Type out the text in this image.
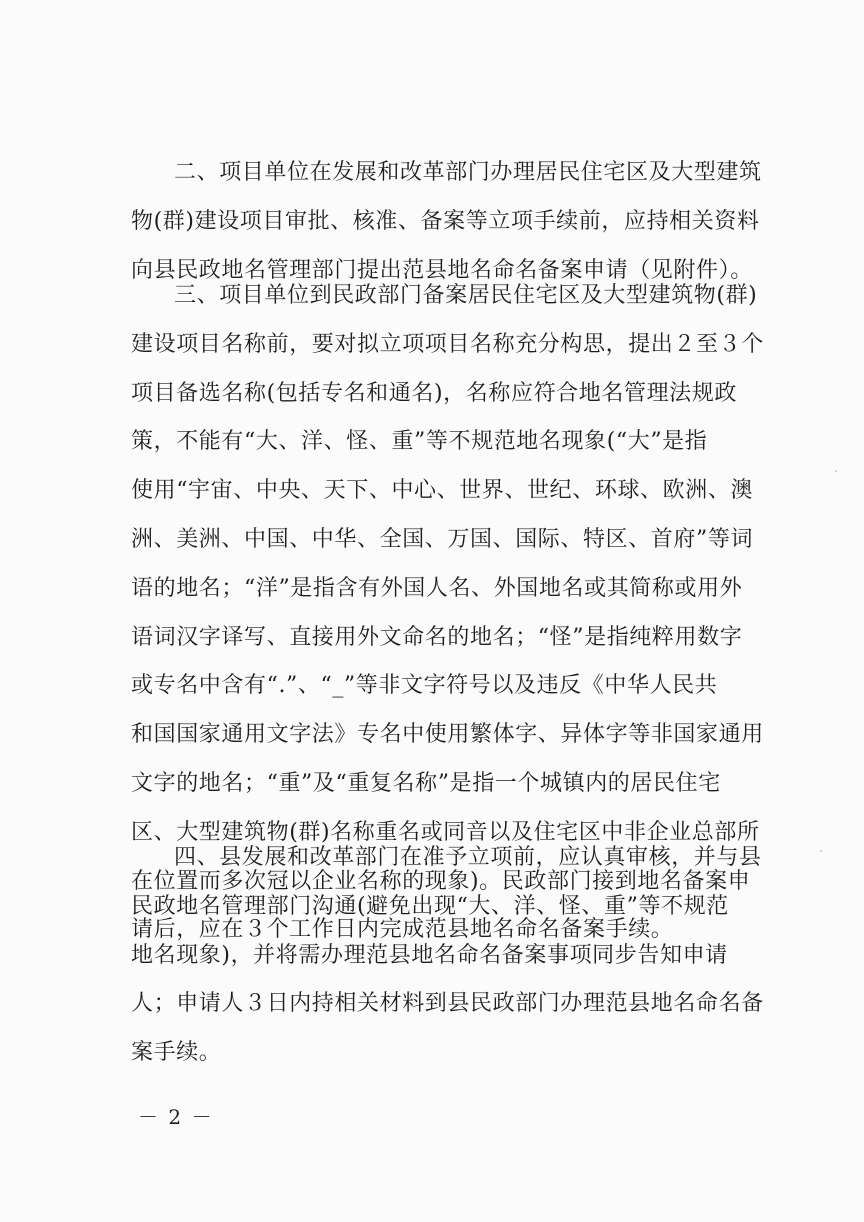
二、项目单位在发展和改革部门办理居民住宅区及大型建筑
物(群)建设项目审批、核准、备案等立项手续前，应持相关资料
向县民政地名管理部门提出范县地名命名备案申请（见附件）。
三、项目单位到民政部门备案居民住宅区及大型建筑物(群)
建设项目名称前，要对拟立项项目名称充分构思，提出２至３个
项目备选名称(包括专名和通名)，名称应符合地名管理法规政
策，不能有“大、洋、怪、重”等不规范地名现象(“大”是指
使用“宇宙、中央、天下、中心、世界、世纪、环球、欧洲、澳
洲、美洲、中国、中华、全国、万国、国际、特区、首府”等词
语的地名；“洋”是指含有外国人名、外国地名或其简称或用外
语词汉字译写、直接用外文命名的地名；“怪”是指纯粹用数字
或专名中含有“.”、“_”等非文字符号以及违反《中华人民共
和国国家通用文字法》专名中使用繁体字、异体字等非国家通用
文字的地名；“重”及“重复名称”是指一个城镇内的居民住宅
区、大型建筑物(群)名称重名或同音以及住宅区中非企业总部所
在位置而多次冠以企业名称的现象)。民政部门接到地名备案申
请后，应在３个工作日内完成范县地名命名备案手续。
四、县发展和改革部门在准予立项前，应认真审核，并与县
民政地名管理部门沟通(避免出现“大、洋、怪、重”等不规范
地名现象)，并将需办理范县地名命名备案事项同步告知申请
人；申请人３日内持相关材料到县民政部门办理范县地名命名备
案手续。
－ 2 －
